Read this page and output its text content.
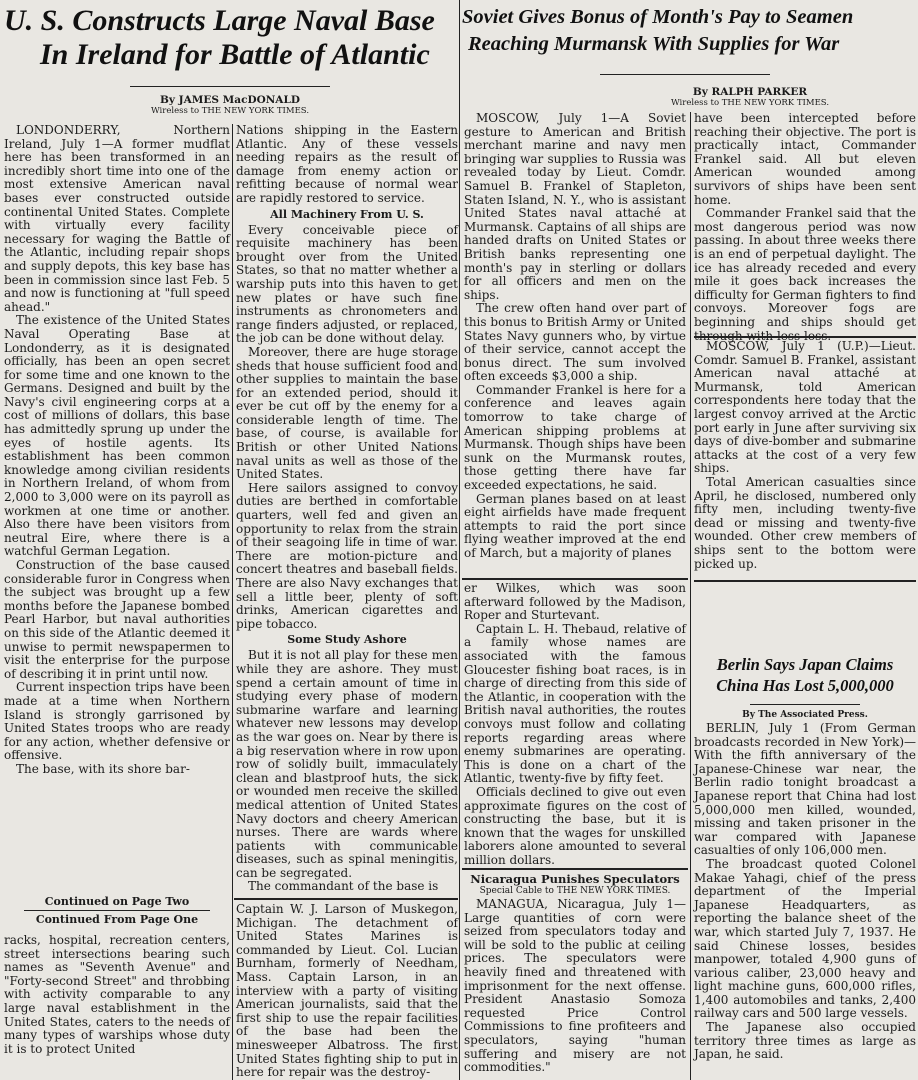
U. S. Constructs Large Naval Base

In Ireland for Battle of Atlantic

By JAMES MacDONALD

Wireless to THE NEW YORK TIMES.

LONDONDERRY, Northern Ireland, July 1—A former mudflat here has been transformed in an incredibly short time into one of the most extensive American naval bases ever constructed outside continental United States. Complete with virtually every facility necessary for waging the Battle of the Atlantic, including repair shops and supply depots, this key base has been in commission since last Feb. 5 and now is functioning at "full speed ahead."

The existence of the United States Naval Operating Base at Londonderry, as it is designated officially, has been an open secret for some time and one known to the Germans. Designed and built by the Navy's civil engineering corps at a cost of millions of dollars, this base has admittedly sprung up under the eyes of hostile agents. Its establishment has been common knowledge among civilian residents in Northern Ireland, of whom from 2,000 to 3,000 were on its payroll as workmen at one time or another. Also there have been visitors from neutral Eire, where there is a watchful German Legation.

Construction of the base caused considerable furor in Congress when the subject was brought up a few months before the Japanese bombed Pearl Harbor, but naval authorities on this side of the Atlantic deemed it unwise to permit newspapermen to visit the enterprise for the purpose of describing it in print until now.

Current inspection trips have been made at a time when Northern Island is strongly garrisoned by United States troops who are ready for any action, whether defensive or offensive.

The base, with its shore bar-

Continued on Page Two

Continued From Page One

racks, hospital, recreation centers, street intersections bearing such names as "Seventh Avenue" and "Forty-second Street" and throbbing with activity comparable to any large naval establishment in the United States, caters to the needs of many types of warships whose duty it is to protect United

Nations shipping in the Eastern Atlantic. Any of these vessels needing repairs as the result of damage from enemy action or refitting because of normal wear are rapidly restored to service.

All Machinery From U. S.

Every conceivable piece of requisite machinery has been brought over from the United States, so that no matter whether a warship puts into this haven to get new plates or have such fine instruments as chronometers and range finders adjusted, or replaced, the job can be done without delay.

Moreover, there are huge storage sheds that house sufficient food and other supplies to maintain the base for an extended period, should it ever be cut off by the enemy for a considerable length of time. The base, of course, is available for British or other United Nations naval units as well as those of the United States.

Here sailors assigned to convoy duties are berthed in comfortable quarters, well fed and given an opportunity to relax from the strain of their seagoing life in time of war. There are motion-picture and concert theatres and baseball fields. There are also Navy exchanges that sell a little beer, plenty of soft drinks, American cigarettes and pipe tobacco.

Some Study Ashore

But it is not all play for these men while they are ashore. They must spend a certain amount of time in studying every phase of modern submarine warfare and learning whatever new lessons may develop as the war goes on. Near by there is a big reservation where in row upon row of solidly built, immaculately clean and blastproof huts, the sick or wounded men receive the skilled medical attention of United States Navy doctors and cheery American nurses. There are wards where patients with communicable diseases, such as spinal meningitis, can be segregated.

The commandant of the base is

Captain W. J. Larson of Muskegon, Michigan. The detachment of United States Marines is commanded by Lieut. Col. Lucian Burnham, formerly of Needham, Mass. Captain Larson, in an interview with a party of visiting American journalists, said that the first ship to use the repair facilities of the base had been the minesweeper Albatross. The first United States fighting ship to put in here for repair was the destroy-

Soviet Gives Bonus of Month's Pay to Seamen

Reaching Murmansk With Supplies for War

By RALPH PARKER

Wireless to THE NEW YORK TIMES.

MOSCOW, July 1—A Soviet gesture to American and British merchant marine and navy men bringing war supplies to Russia was revealed today by Lieut. Comdr. Samuel B. Frankel of Stapleton, Staten Island, N. Y., who is assistant United States naval attaché at Murmansk. Captains of all ships are handed drafts on United States or British banks representing one month's pay in sterling or dollars for all officers and men on the ships.

The crew often hand over part of this bonus to British Army or United States Navy gunners who, by virtue of their service, cannot accept the bonus direct. The sum involved often exceeds $3,000 a ship.

Commander Frankel is here for a conference and leaves again tomorrow to take charge of American shipping problems at Murmansk. Though ships have been sunk on the Murmansk routes, those getting there have far exceeded expectations, he said.

German planes based on at least eight airfields have made frequent attempts to raid the port since flying weather improved at the end of March, but a majority of planes

have been intercepted before reaching their objective. The port is practically intact, Commander Frankel said. All but eleven American wounded among survivors of ships have been sent home.

Commander Frankel said that the most dangerous period was now passing. In about three weeks there is an end of perpetual daylight. The ice has already receded and every mile it goes back increases the difficulty for German fighters to find convoys. Moreover fogs are beginning and ships should get

MOSCOW, July 1 (U.P.)—Lieut. Comdr. Samuel B. Frankel, assistant American naval attaché at Murmansk, told American correspondents here today that the largest convoy arrived at the Arctic port early in June after surviving six days of dive-bomber and submarine attacks at the cost of a very few ships.

Total American casualties since April, he disclosed, numbered only fifty men, including twenty-five dead or missing and twenty-five wounded. Other crew members of ships sent to the bottom were picked up.

er Wilkes, which was soon afterward followed by the Madison, Roper and Sturtevant.

Captain L. H. Thebaud, relative of a family whose names are associated with the famous Gloucester fishing boat races, is in charge of directing from this side of the Atlantic, in cooperation with the British naval authorities, the routes convoys must follow and collating reports regarding areas where enemy submarines are operating. This is done on a chart of the Atlantic, twenty-five by fifty feet.

Officials declined to give out even approximate figures on the cost of constructing the base, but it is known that the wages for unskilled laborers alone amounted to several million dollars.

Nicaragua Punishes Speculators

Special Cable to THE NEW YORK TIMES.

MANAGUA, Nicaragua, July 1—Large quantities of corn were seized from speculators today and will be sold to the public at ceiling prices. The speculators were heavily fined and threatened with imprisonment for the next offense. President Anastasio Somoza requested Price Control Commissions to fine profiteers and speculators, saying "human suffering and misery are not commodities."

Berlin Says Japan Claims

China Has Lost 5,000,000

By The Associated Press.

BERLIN, July 1 (From German broadcasts recorded in New York)—With the fifth anniversary of the Japanese-Chinese war near, the Berlin radio tonight broadcast a Japanese report that China had lost 5,000,000 men killed, wounded, missing and taken prisoner in the war compared with Japanese casualties of only 106,000 men.

The broadcast quoted Colonel Makae Yahagi, chief of the press department of the Imperial Japanese Headquarters, as reporting the balance sheet of the war, which started July 7, 1937. He said Chinese losses, besides manpower, totaled 4,900 guns of various caliber, 23,000 heavy and light machine guns, 600,000 rifles, 1,400 automobiles and tanks, 2,400 railway cars and 500 large vessels.

The Japanese also occupied territory three times as large as Japan, he said.
